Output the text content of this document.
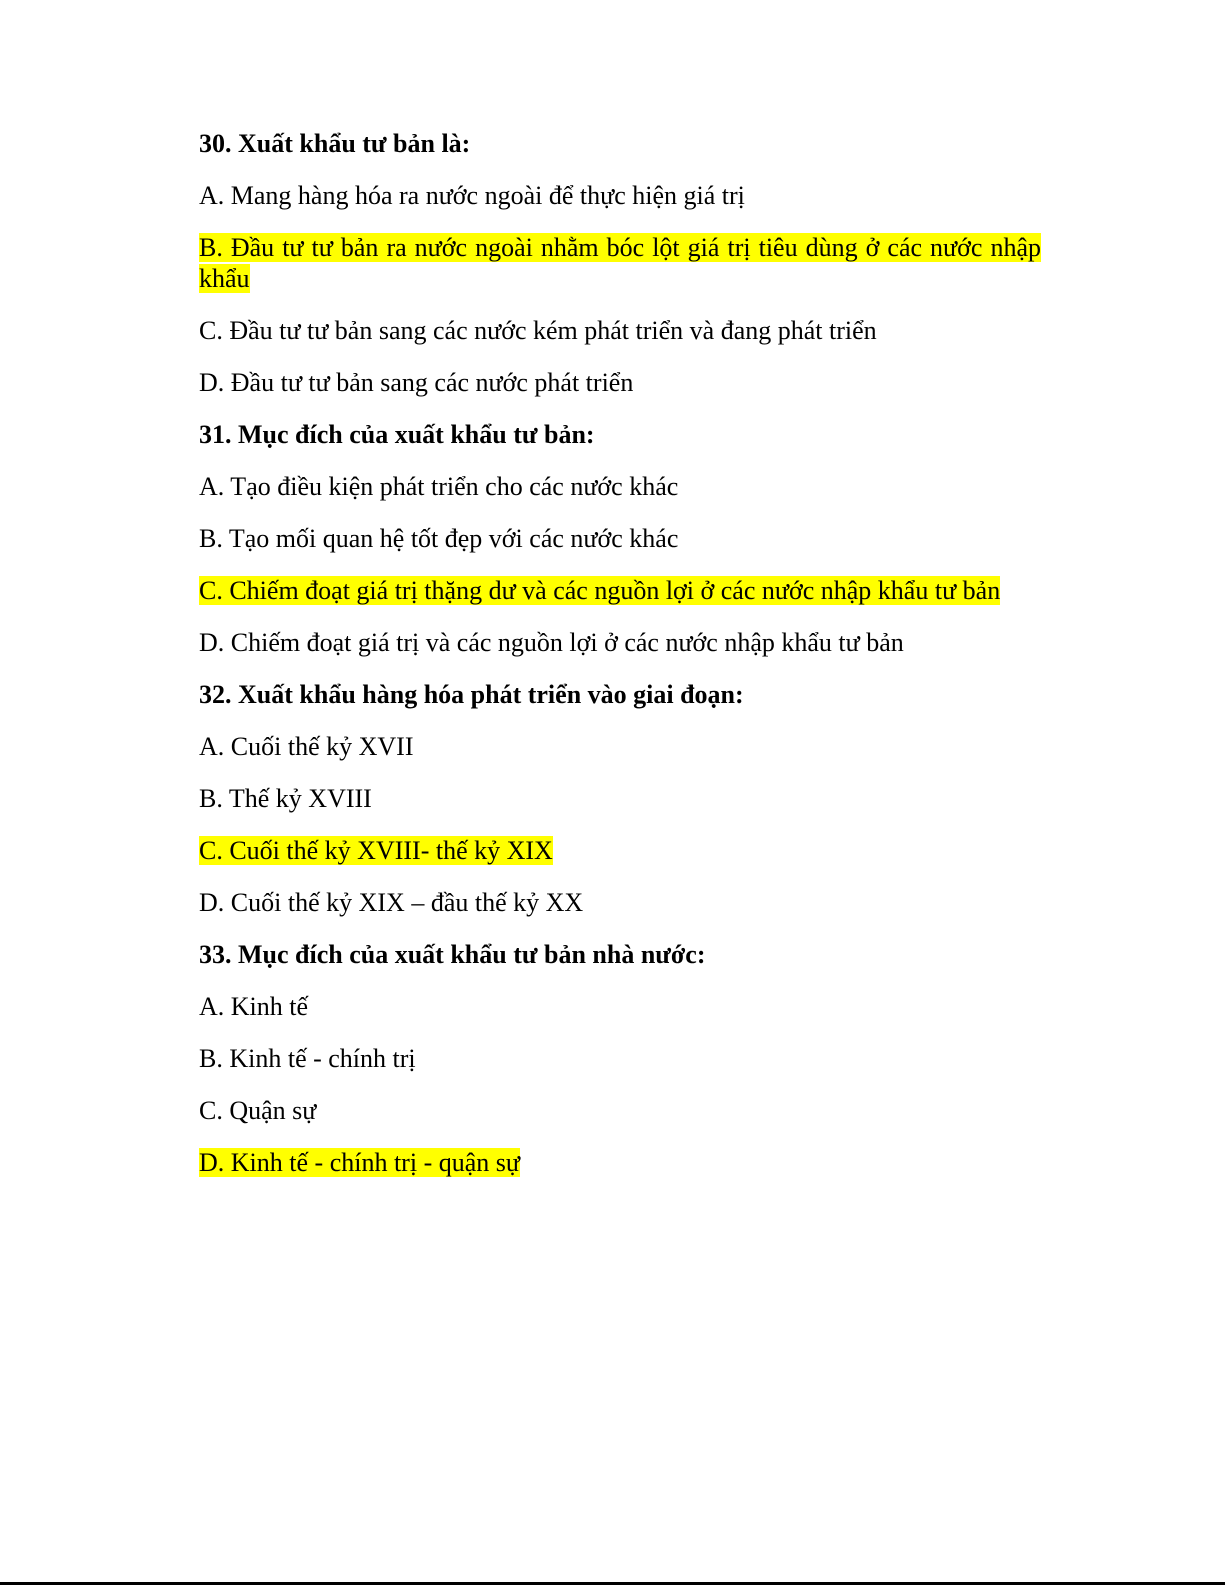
30. Xuất khẩu tư bản là:

A. Mang hàng hóa ra nước ngoài để thực hiện giá trị

B. Đầu tư tư bản ra nước ngoài nhằm bóc lột giá trị tiêu dùng ở các nước nhập khẩu

C. Đầu tư tư bản sang các nước kém phát triển và đang phát triển

D. Đầu tư tư bản sang các nước phát triển

31. Mục đích của xuất khẩu tư bản:

A. Tạo điều kiện phát triển cho các nước khác

B. Tạo mối quan hệ tốt đẹp với các nước khác

C. Chiếm đoạt giá trị thặng dư và các nguồn lợi ở các nước nhập khẩu tư bản

D. Chiếm đoạt giá trị và các nguồn lợi ở các nước nhập khẩu tư bản

32. Xuất khẩu hàng hóa phát triển vào giai đoạn:

A. Cuối thế kỷ XVII

B. Thế kỷ XVIII

C. Cuối thế kỷ XVIII- thế kỷ XIX

D. Cuối thế kỷ XIX – đầu thế kỷ XX

33. Mục đích của xuất khẩu tư bản nhà nước:

A. Kinh tế

B. Kinh tế - chính trị

C. Quận sự

D. Kinh tế - chính trị - quận sự
